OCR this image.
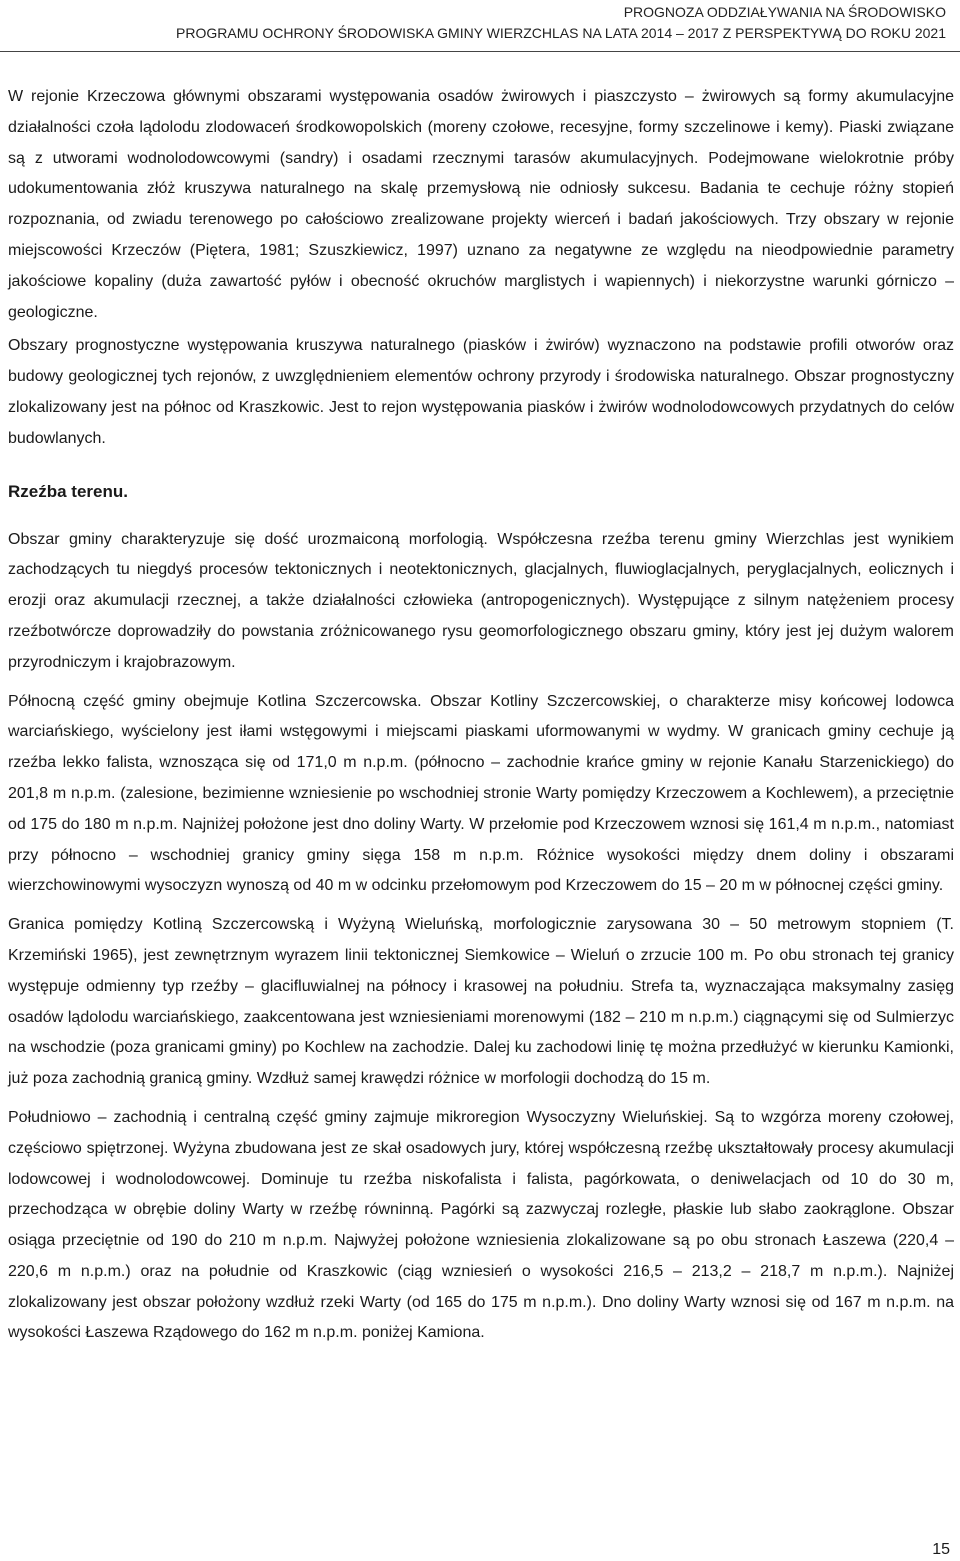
PROGNOZA ODDZIAŁYWANIA NA ŚRODOWISKO
PROGRAMU OCHRONY ŚRODOWISKA GMINY WIERZCHLAS NA LATA 2014 – 2017 Z PERSPEKTYWĄ DO ROKU 2021

W rejonie Krzeczowa głównymi obszarami występowania osadów żwirowych i piaszczysto – żwirowych są formy akumulacyjne działalności czoła lądolodu zlodowaceń środkowopolskich (moreny czołowe, recesyjne, formy szczelinowe i kemy). Piaski związane są z utworami wodnolodowcowymi (sandry) i osadami rzecznymi tarasów akumulacyjnych. Podejmowane wielokrotnie próby udokumentowania złóż kruszywa naturalnego na skalę przemysłową nie odniosły sukcesu. Badania te cechuje różny stopień rozpoznania, od zwiadu terenowego po całościowo zrealizowane projekty wierceń i badań jakościowych. Trzy obszary w rejonie miejscowości Krzeczów (Piętera, 1981; Szuszkiewicz, 1997) uznano za negatywne ze względu na nieodpowiednie parametry jakościowe kopaliny (duża zawartość pyłów i obecność okruchów marglistych i wapiennych) i niekorzystne warunki górniczo – geologiczne.

Obszary prognostyczne występowania kruszywa naturalnego (piasków i żwirów) wyznaczono na podstawie profili otworów oraz budowy geologicznej tych rejonów, z uwzględnieniem elementów ochrony przyrody i środowiska naturalnego. Obszar prognostyczny zlokalizowany jest na północ od Kraszkowic. Jest to rejon występowania piasków i żwirów wodnolodowcowych przydatnych do celów budowlanych.

Rzeźba terenu.

Obszar gminy charakteryzuje się dość urozmaiconą morfologią. Współczesna rzeźba terenu gminy Wierzchlas jest wynikiem zachodzących tu niegdyś procesów tektonicznych i neotektonicznych, glacjalnych, fluwioglacjalnych, peryglacjalnych, eolicznych i erozji oraz akumulacji rzecznej, a także działalności człowieka (antropogenicznych). Występujące z silnym natężeniem procesy rzeźbotwórcze doprowadziły do powstania zróżnicowanego rysu geomorfologicznego obszaru gminy, który jest jej dużym walorem przyrodniczym i krajobrazowym.

Północną część gminy obejmuje Kotlina Szczercowska. Obszar Kotliny Szczercowskiej, o charakterze misy końcowej lodowca warciańskiego, wyścielony jest iłami wstęgowymi i miejscami piaskami uformowanymi w wydmy. W granicach gminy cechuje ją rzeźba lekko falista, wznosząca się od 171,0 m n.p.m. (północno – zachodnie krańce gminy w rejonie Kanału Starzenickiego) do 201,8 m n.p.m. (zalesione, bezimienne wzniesienie po wschodniej stronie Warty pomiędzy Krzeczowem a Kochlewem), a przeciętnie od 175 do 180 m n.p.m. Najniżej położone jest dno doliny Warty. W przełomie pod Krzeczowem wznosi się 161,4 m n.p.m., natomiast przy północno – wschodniej granicy gminy sięga 158 m n.p.m. Różnice wysokości między dnem doliny i obszarami wierzchowinowymi wysoczyzn wynoszą od 40 m w odcinku przełomowym pod Krzeczowem do 15 – 20 m w północnej części gminy.

Granica pomiędzy Kotliną Szczercowską i Wyżyną Wieluńską, morfologicznie zarysowana 30 – 50 metrowym stopniem (T. Krzemiński 1965), jest zewnętrznym wyrazem linii tektonicznej Siemkowice – Wieluń o zrzucie 100 m. Po obu stronach tej granicy występuje odmienny typ rzeźby – glacifluwialnej na północy i krasowej na południu. Strefa ta, wyznaczająca maksymalny zasięg osadów lądolodu warciańskiego, zaakcentowana jest wzniesieniami morenowymi (182 – 210 m n.p.m.) ciągnącymi się od Sulmierzyc na wschodzie (poza granicami gminy) po Kochlew na zachodzie. Dalej ku zachodowi linię tę można przedłużyć w kierunku Kamionki, już poza zachodnią granicą gminy. Wzdłuż samej krawędzi różnice w morfologii dochodzą do 15 m.

Południowo – zachodnią i centralną część gminy zajmuje mikroregion Wysoczyzny Wieluńskiej. Są to wzgórza moreny czołowej, częściowo spiętrzonej. Wyżyna zbudowana jest ze skał osadowych jury, której współczesną rzeźbę ukształtowały procesy akumulacji lodowcowej i wodnolodowcowej. Dominuje tu rzeźba niskofalista i falista, pagórkowata, o deniwelacjach od 10 do 30 m, przechodząca w obrębie doliny Warty w rzeźbę równinną. Pagórki są zazwyczaj rozległe, płaskie lub słabo zaokrąglone. Obszar osiąga przeciętnie od 190 do 210 m n.p.m. Najwyżej położone wzniesienia zlokalizowane są po obu stronach Łaszewa (220,4 – 220,6 m n.p.m.) oraz na południe od Kraszkowic (ciąg wzniesień o wysokości 216,5 – 213,2 – 218,7 m n.p.m.). Najniżej zlokalizowany jest obszar położony wzdłuż rzeki Warty (od 165 do 175 m n.p.m.). Dno doliny Warty wznosi się od 167 m n.p.m. na wysokości Łaszewa Rządowego do 162 m n.p.m. poniżej Kamiona.

15
